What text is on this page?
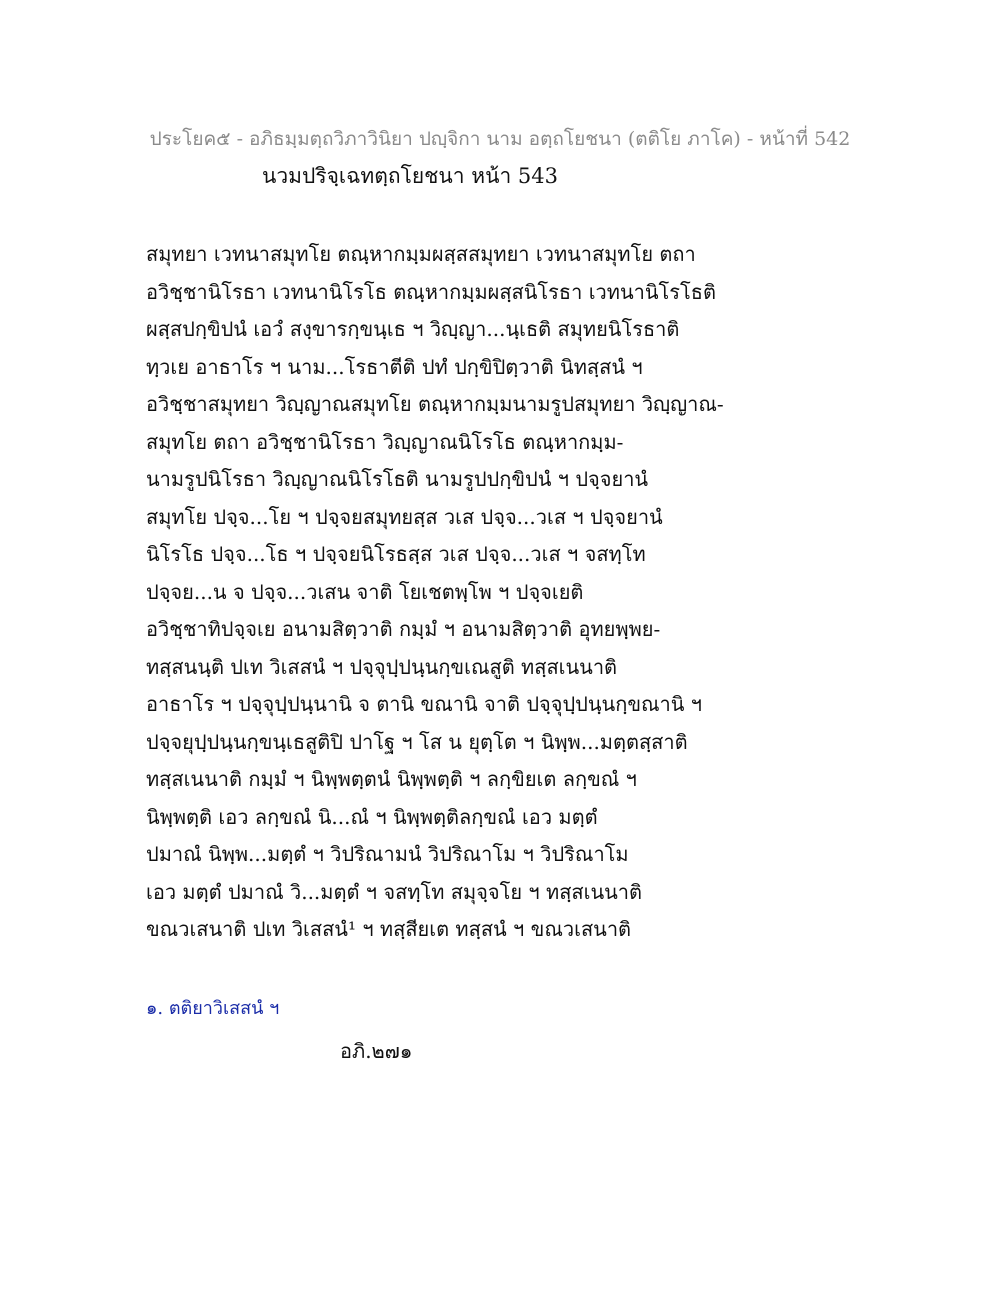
ประโยค๕ - อภิธมฺมตฺถวิภาวินิยา ปญฺจิกา นาม อตฺถโยชนา (ตติโย ภาโค) - หน้าที่ 542
นวมปริจฺเฉทตฺถโยชนา หน้า 543
สมุทยา เวทนาสมุทโย ตณฺหากมฺมผสฺสสมุทยา เวทนาสมุทโย ตถา
อวิชฺชานิโรธา เวทนานิโรโธ ตณฺหากมฺมผสฺสนิโรธา เวทนานิโรโธติ
ผสฺสปกฺขิปนํ เอวํ สงฺขารกฺขนฺเธ ฯ วิญฺญา...นฺเธติ สมุทยนิโรธาติ
ทฺวเย อาธาโร ฯ นาม...โรธาตีติ ปทํ ปกฺขิปิตฺวาติ นิทสฺสนํ ฯ
อวิชฺชาสมุทยา วิญฺญาณสมุทโย ตณฺหากมฺมนามรูปสมุทยา วิญฺญาณ-
สมุทโย ตถา อวิชฺชานิโรธา วิญฺญาณนิโรโธ ตณฺหากมฺม-
นามรูปนิโรธา วิญฺญาณนิโรโธติ นามรูปปกฺขิปนํ ฯ ปจฺจยานํ
สมุทโย ปจฺจ...โย ฯ ปจฺจยสมุทยสฺส วเส ปจฺจ...วเส ฯ ปจฺจยานํ
นิโรโธ ปจฺจ...โธ ฯ ปจฺจยนิโรธสฺส วเส ปจฺจ...วเส ฯ จสทฺโท
ปจฺจย...น จ ปจฺจ...วเสน จาติ โยเชตพฺโพ ฯ ปจฺจเยติ
อวิชฺชาทิปจฺจเย อนามสิตฺวาติ กมฺมํ ฯ อนามสิตฺวาติ อุทยพฺพย-
ทสฺสนนฺติ ปเท วิเสสนํ ฯ ปจฺจุปฺปนฺนกฺขเณสูติ ทสฺสเนนาติ
อาธาโร ฯ ปจฺจุปฺปนฺนานิ จ ตานิ ขณานิ จาติ ปจฺจุปฺปนฺนกฺขณานิ ฯ
ปจฺจยุปฺปนฺนกฺขนฺเธสูติปิ ปาโฐ ฯ โส น ยุตฺโต ฯ นิพฺพ...มตฺตสฺสาติ
ทสฺสเนนาติ กมฺมํ ฯ นิพฺพตฺตนํ นิพฺพตฺติ ฯ ลกฺขิยเต ลกฺขณํ ฯ
นิพฺพตฺติ เอว ลกฺขณํ นิ...ณํ ฯ นิพฺพตฺติลกฺขณํ เอว มตฺตํ
ปมาณํ นิพฺพ...มตฺตํ ฯ วิปริณามนํ วิปริณาโม ฯ วิปริณาโม
เอว มตฺตํ ปมาณํ วิ...มตฺตํ ฯ จสทฺโท สมุจฺจโย ฯ ทสฺสเนนาติ
ขณวเสนาติ ปเท วิเสสนํ¹ ฯ ทสฺสียเต ทสฺสนํ ฯ ขณวเสนาติ
๑. ตติยาวิเสสนํ ฯ
อภิ.๒๗๑
